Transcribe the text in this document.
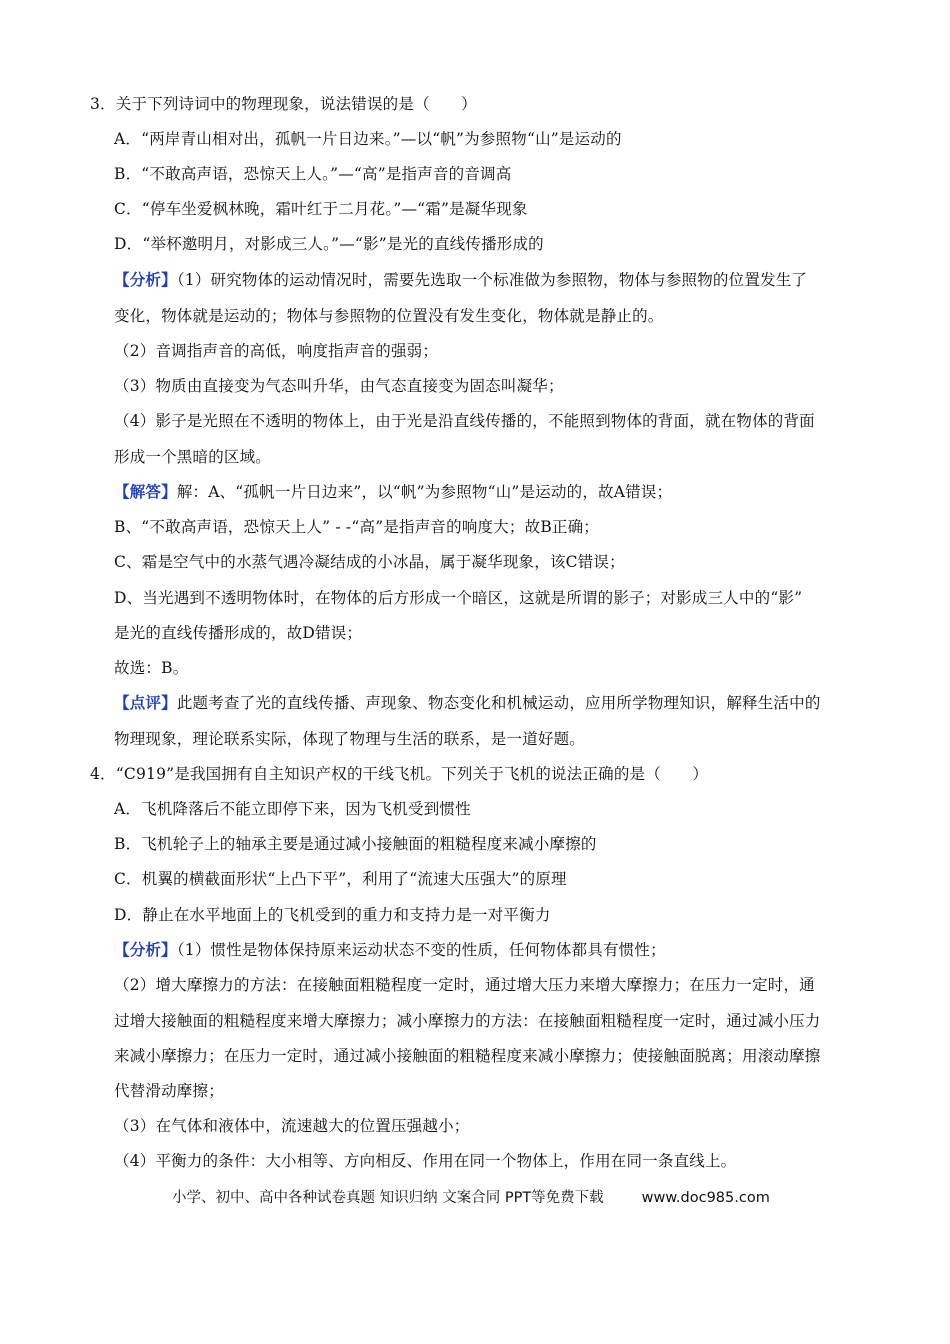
3．关于下列诗词中的物理现象，说法错误的是（　　）
A．“两岸青山相对出，孤帆一片日边来。”—以“帆”为参照物“山”是运动的
B．“不敢高声语，恐惊天上人。”—“高”是指声音的音调高
C．“停车坐爱枫林晚，霜叶红于二月花。”—“霜”是凝华现象
D．“举杯邀明月，对影成三人。”—“影”是光的直线传播形成的
【分析】（1）研究物体的运动情况时，需要先选取一个标准做为参照物，物体与参照物的位置发生了
变化，物体就是运动的；物体与参照物的位置没有发生变化，物体就是静止的。
（2）音调指声音的高低，响度指声音的强弱；
（3）物质由直接变为气态叫升华，由气态直接变为固态叫凝华；
（4）影子是光照在不透明的物体上，由于光是沿直线传播的，不能照到物体的背面，就在物体的背面
形成一个黑暗的区域。
【解答】解：A、“孤帆一片日边来”，以“帆”为参照物“山”是运动的，故A错误；
B、“不敢高声语，恐惊天上人” - -“高”是指声音的响度大；故B正确；
C、霜是空气中的水蒸气遇冷凝结成的小冰晶，属于凝华现象，该C错误；
D、当光遇到不透明物体时，在物体的后方形成一个暗区，这就是所谓的影子；对影成三人中的“影”
是光的直线传播形成的，故D错误；
故选：B。
【点评】此题考查了光的直线传播、声现象、物态变化和机械运动，应用所学物理知识，解释生活中的
物理现象，理论联系实际，体现了物理与生活的联系，是一道好题。
4．“C919”是我国拥有自主知识产权的干线飞机。下列关于飞机的说法正确的是（　　）
A．飞机降落后不能立即停下来，因为飞机受到惯性
B．飞机轮子上的轴承主要是通过减小接触面的粗糙程度来减小摩擦的
C．机翼的横截面形状“上凸下平”，利用了“流速大压强大”的原理
D．静止在水平地面上的飞机受到的重力和支持力是一对平衡力
【分析】（1）惯性是物体保持原来运动状态不变的性质，任何物体都具有惯性；
（2）增大摩擦力的方法：在接触面粗糙程度一定时，通过增大压力来增大摩擦力；在压力一定时，通
过增大接触面的粗糙程度来增大摩擦力；减小摩擦力的方法：在接触面粗糙程度一定时，通过减小压力
来减小摩擦力；在压力一定时，通过减小接触面的粗糙程度来减小摩擦力；使接触面脱离；用滚动摩擦
代替滑动摩擦；
（3）在气体和液体中，流速越大的位置压强越小；
（4）平衡力的条件：大小相等、方向相反、作用在同一个物体上，作用在同一条直线上。
小学、初中、高中各种试卷真题 知识归纳 文案合同 PPT等免费下载	www.doc985.com
